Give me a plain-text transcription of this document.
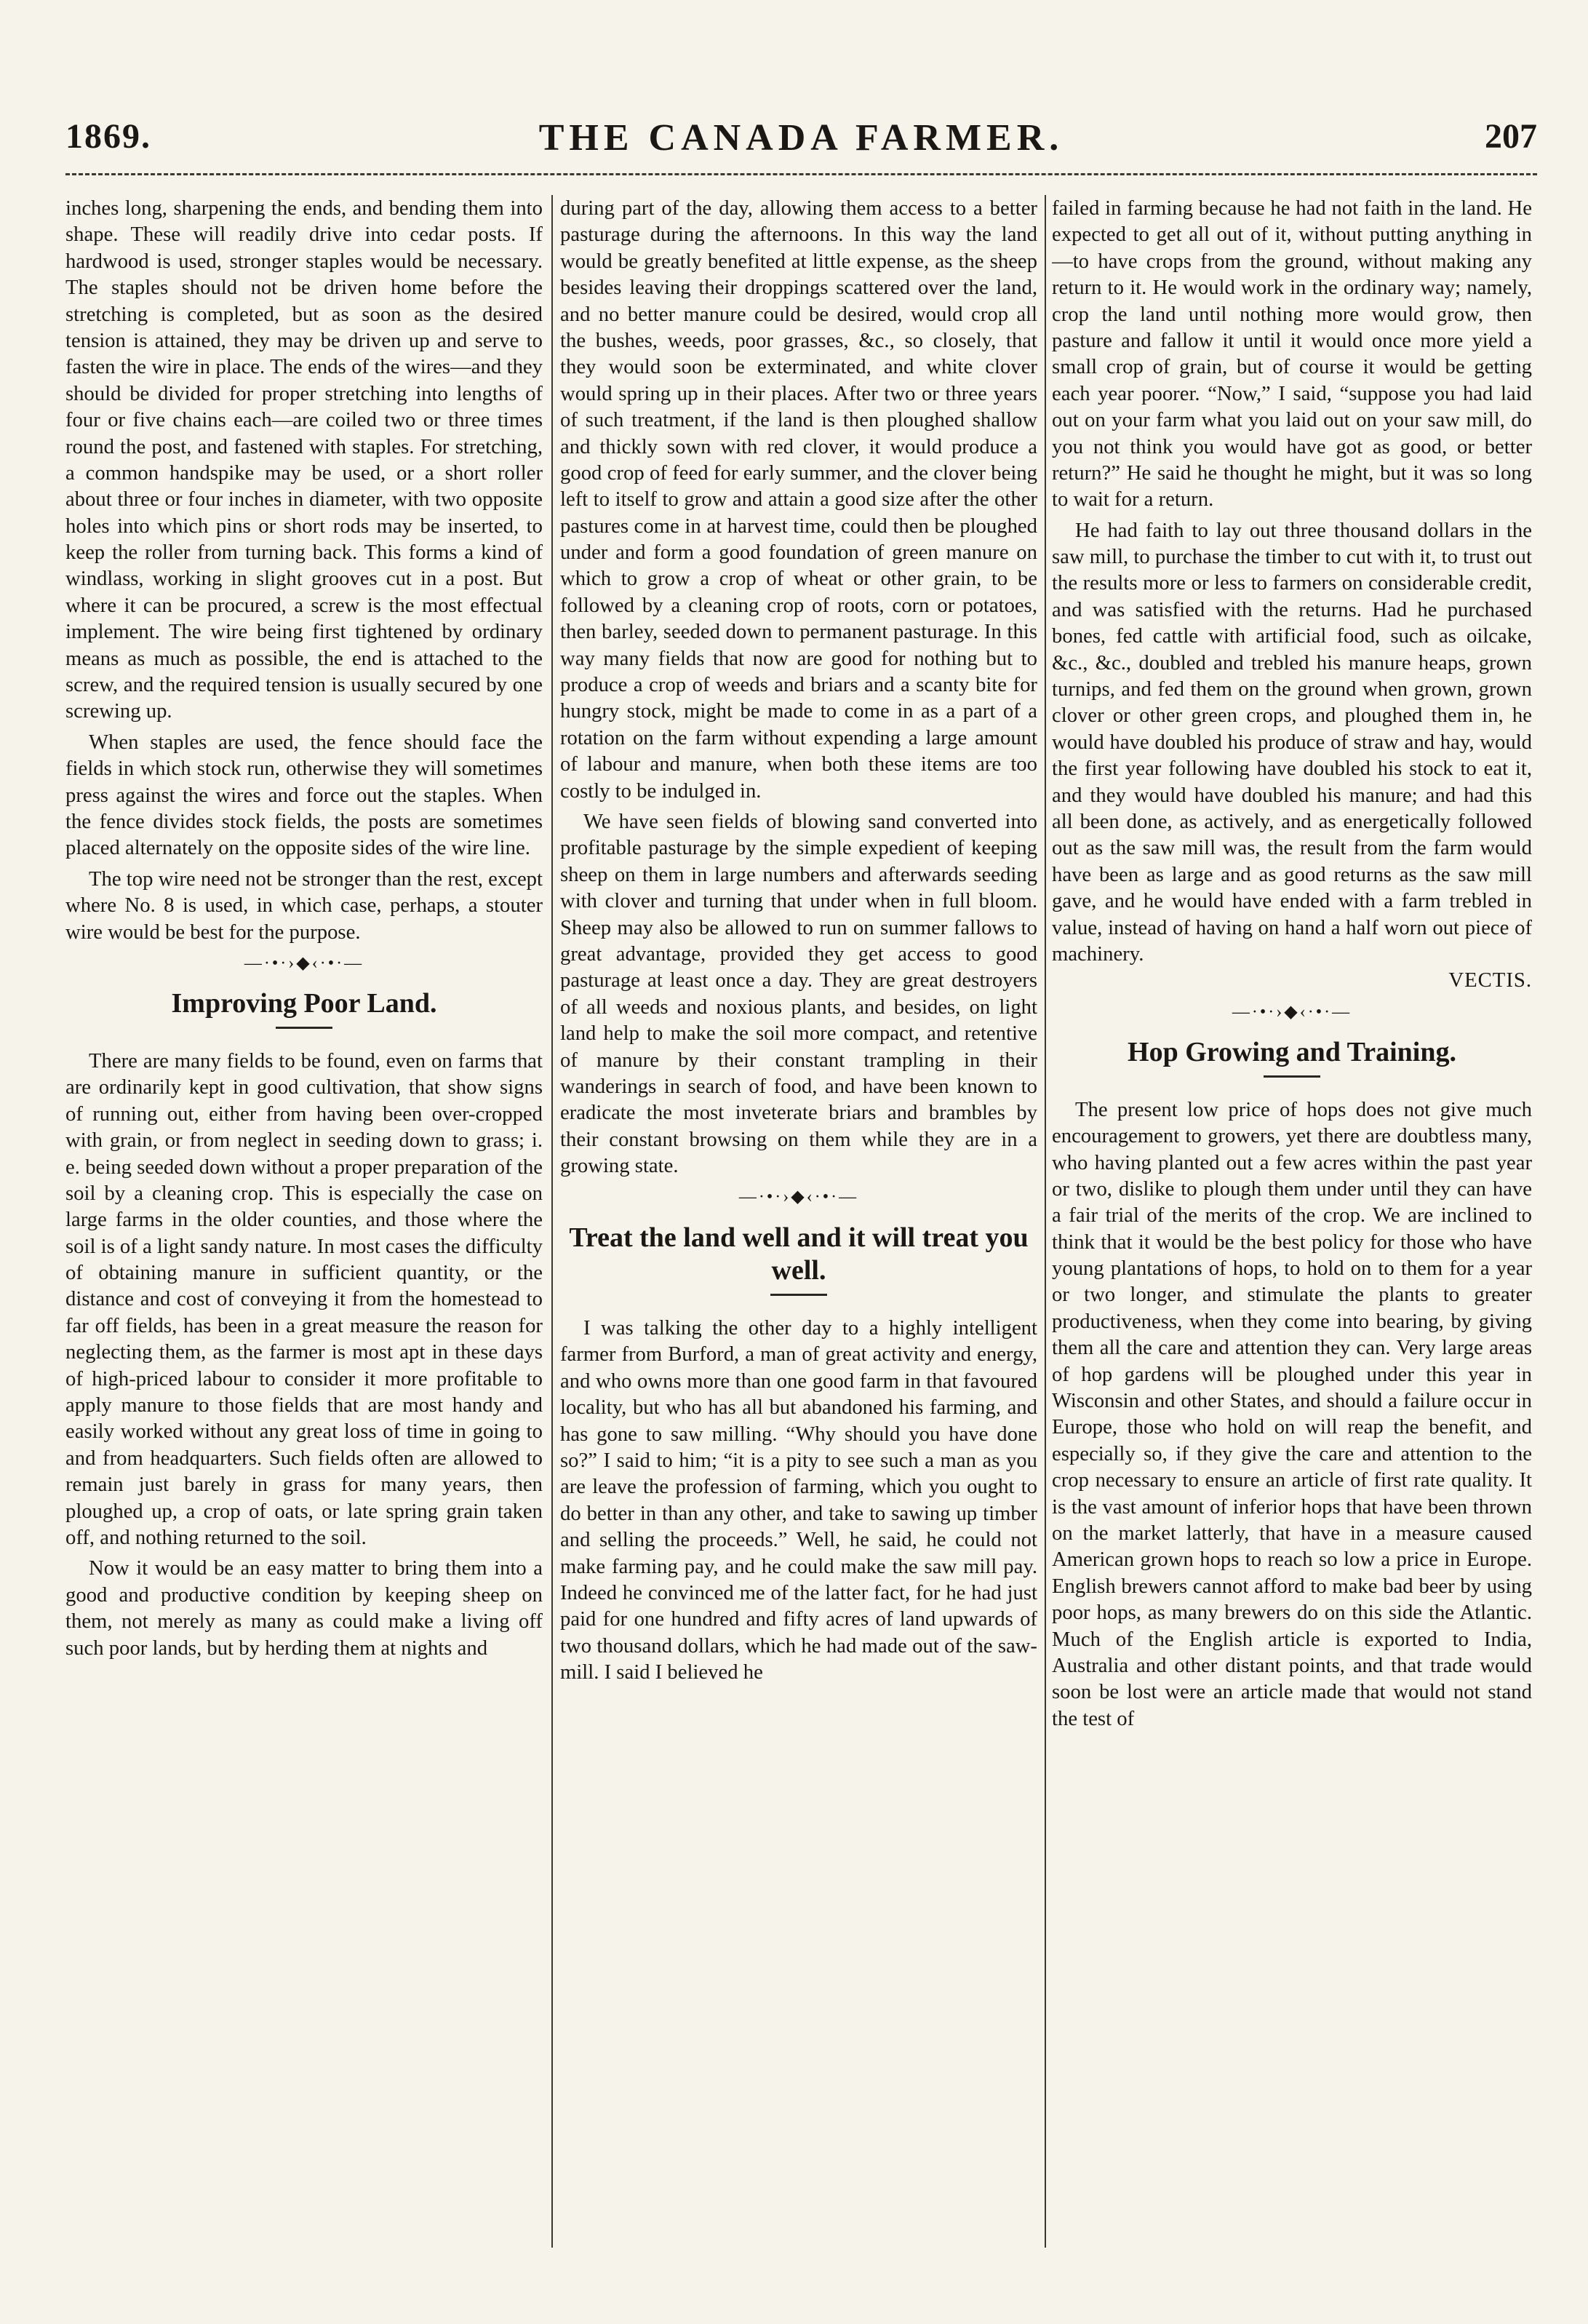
1869.	THE CANADA FARMER.	207

inches long, sharpening the ends, and bending them into shape. These will readily drive into cedar posts. If hardwood is used, stronger staples would be necessary. The staples should not be driven home before the stretching is completed, but as soon as the desired tension is attained, they may be driven up and serve to fasten the wire in place. The ends of the wires—and they should be divided for proper stretching into lengths of four or five chains each—are coiled two or three times round the post, and fastened with staples. For stretching, a common handspike may be used, or a short roller about three or four inches in diameter, with two opposite holes into which pins or short rods may be inserted, to keep the roller from turning back. This forms a kind of windlass, working in slight grooves cut in a post. But where it can be procured, a screw is the most effectual implement. The wire being first tightened by ordinary means as much as possible, the end is attached to the screw, and the required tension is usually secured by one screwing up.

When staples are used, the fence should face the fields in which stock run, otherwise they will sometimes press against the wires and force out the staples. When the fence divides stock fields, the posts are sometimes placed alternately on the opposite sides of the wire line.

The top wire need not be stronger than the rest, except where No. 8 is used, in which case, perhaps, a stouter wire would be best for the purpose.

—·•·›◆‹·•·—
Improving Poor Land.

There are many fields to be found, even on farms that are ordinarily kept in good cultivation, that show signs of running out, either from having been over-cropped with grain, or from neglect in seeding down to grass; i. e. being seeded down without a proper preparation of the soil by a cleaning crop. This is especially the case on large farms in the older counties, and those where the soil is of a light sandy nature. In most cases the difficulty of obtaining manure in sufficient quantity, or the distance and cost of conveying it from the homestead to far off fields, has been in a great measure the reason for neglecting them, as the farmer is most apt in these days of high-priced labour to consider it more profitable to apply manure to those fields that are most handy and easily worked without any great loss of time in going to and from headquarters. Such fields often are allowed to remain just barely in grass for many years, then ploughed up, a crop of oats, or late spring grain taken off, and nothing returned to the soil.

Now it would be an easy matter to bring them into a good and productive condition by keeping sheep on them, not merely as many as could make a living off such poor lands, but by herding them at nights and

during part of the day, allowing them access to a better pasturage during the afternoons. In this way the land would be greatly benefited at little expense, as the sheep besides leaving their droppings scattered over the land, and no better manure could be desired, would crop all the bushes, weeds, poor grasses, &c., so closely, that they would soon be exterminated, and white clover would spring up in their places. After two or three years of such treatment, if the land is then ploughed shallow and thickly sown with red clover, it would produce a good crop of feed for early summer, and the clover being left to itself to grow and attain a good size after the other pastures come in at harvest time, could then be ploughed under and form a good foundation of green manure on which to grow a crop of wheat or other grain, to be followed by a cleaning crop of roots, corn or potatoes, then barley, seeded down to permanent pasturage. In this way many fields that now are good for nothing but to produce a crop of weeds and briars and a scanty bite for hungry stock, might be made to come in as a part of a rotation on the farm without expending a large amount of labour and manure, when both these items are too costly to be indulged in.

We have seen fields of blowing sand converted into profitable pasturage by the simple expedient of keeping sheep on them in large numbers and afterwards seeding with clover and turning that under when in full bloom. Sheep may also be allowed to run on summer fallows to great advantage, provided they get access to good pasturage at least once a day. They are great destroyers of all weeds and noxious plants, and besides, on light land help to make the soil more compact, and retentive of manure by their constant trampling in their wanderings in search of food, and have been known to eradicate the most inveterate briars and brambles by their constant browsing on them while they are in a growing state.

—·•·›◆‹·•·—
Treat the land well and it will treat you well.

I was talking the other day to a highly intelligent farmer from Burford, a man of great activity and energy, and who owns more than one good farm in that favoured locality, but who has all but abandoned his farming, and has gone to saw milling. “Why should you have done so?” I said to him; “it is a pity to see such a man as you are leave the profession of farming, which you ought to do better in than any other, and take to sawing up timber and selling the proceeds.” Well, he said, he could not make farming pay, and he could make the saw mill pay. Indeed he convinced me of the latter fact, for he had just paid for one hundred and fifty acres of land upwards of two thousand dollars, which he had made out of the saw-mill. I said I believed he

failed in farming because he had not faith in the land. He expected to get all out of it, without putting anything in—to have crops from the ground, without making any return to it. He would work in the ordinary way; namely, crop the land until nothing more would grow, then pasture and fallow it until it would once more yield a small crop of grain, but of course it would be getting each year poorer. “Now,” I said, “suppose you had laid out on your farm what you laid out on your saw mill, do you not think you would have got as good, or better return?” He said he thought he might, but it was so long to wait for a return.

He had faith to lay out three thousand dollars in the saw mill, to purchase the timber to cut with it, to trust out the results more or less to farmers on considerable credit, and was satisfied with the returns. Had he purchased bones, fed cattle with artificial food, such as oilcake, &c., &c., doubled and trebled his manure heaps, grown turnips, and fed them on the ground when grown, grown clover or other green crops, and ploughed them in, he would have doubled his produce of straw and hay, would the first year following have doubled his stock to eat it, and they would have doubled his manure; and had this all been done, as actively, and as energetically followed out as the saw mill was, the result from the farm would have been as large and as good returns as the saw mill gave, and he would have ended with a farm trebled in value, instead of having on hand a half worn out piece of machinery.

VECTIS.
—·•·›◆‹·•·—
Hop Growing and Training.

The present low price of hops does not give much encouragement to growers, yet there are doubtless many, who having planted out a few acres within the past year or two, dislike to plough them under until they can have a fair trial of the merits of the crop. We are inclined to think that it would be the best policy for those who have young plantations of hops, to hold on to them for a year or two longer, and stimulate the plants to greater productiveness, when they come into bearing, by giving them all the care and attention they can. Very large areas of hop gardens will be ploughed under this year in Wisconsin and other States, and should a failure occur in Europe, those who hold on will reap the benefit, and especially so, if they give the care and attention to the crop necessary to ensure an article of first rate quality. It is the vast amount of inferior hops that have been thrown on the market latterly, that have in a measure caused American grown hops to reach so low a price in Europe. English brewers cannot afford to make bad beer by using poor hops, as many brewers do on this side the Atlantic. Much of the English article is exported to India, Australia and other distant points, and that trade would soon be lost were an article made that would not stand the test of
